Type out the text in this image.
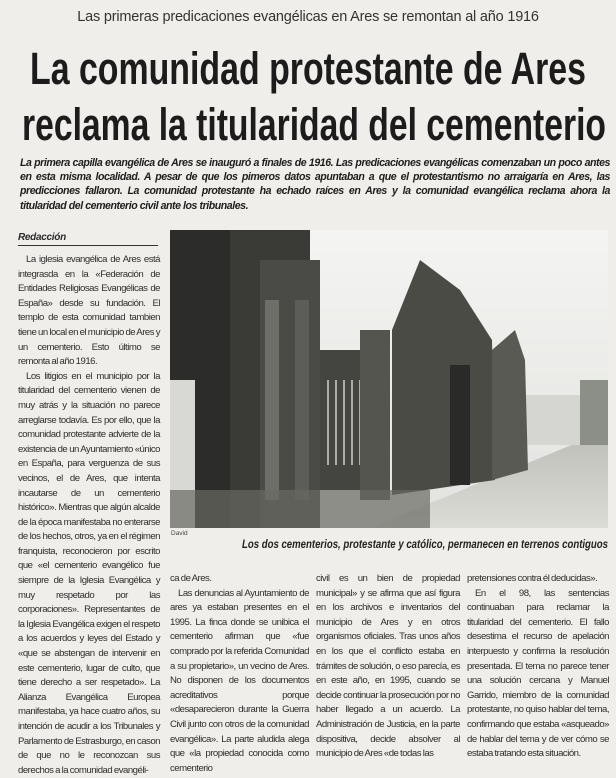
Las primeras predicaciones evangélicas en Ares se remontan al año 1916
La comunidad protestante de Ares
reclama la titularidad del cementerio
La primera capilla evangélica de Ares se inauguró a finales de 1916. Las predicaciones evangélicas comenzaban un poco antes en esta misma localidad. A pesar de que los pimeros datos apuntaban a que el protestantismo no arraigaría en Ares, las predicciones fallaron. La comunidad protestante ha echado raíces en Ares y la comunidad evangélica reclama ahora la titularidad del cementerio civil ante los tribunales.
Redacción
David
Los dos cementerios, protestante y católico, permanecen en terrenos contiguos

La iglesia evangélica de Ares está integrasda en la «Federación de Entidades Religiosas Evangélicas de España» desde su fundación. El templo de esta comunidad tambien tiene un local en el municipio de Ares y un cementerio. Esto último se remonta al año 1916.

Los litigios en el municipio por la titularidad del cementerio vienen de muy atrás y la situación no parece arreglarse todavía. Es por ello, que la comunidad protestante advierte de la existencia de un Ayuntamiento «único en España, para verguenza de sus vecinos, el de Ares, que intenta incautarse de un cementerio histórico». Mientras que algún alcalde de la época manifestaba no enterarse de los hechos, otros, ya en el régimen franquista, reconocieron por escrito que «el cementerio evangélico fue siempre de la Iglesia Evangélica y muy respetado por las corporaciones». Representantes de la Iglesia Evangélica exigen el respeto a los acuerdos y leyes del Estado y «que se abstengan de intervenir en este cementerio, lugar de culto, que tiene derecho a ser respetado». La Alianza Evangélica Europea manifestaba, ya hace cuatro años, su intención de acudir a los Tribunales y Parlamento de Estrasburgo, en cason de que no le reconozcan sus derechos a la comunidad evangéli-

ca de Ares.

Las denuncias al Ayuntamiento de ares ya estaban presentes en el 1995. La finca donde se unibica el cementerio afirman que «fue comprado por la referida Comunidad a su propietario», un vecino de Ares. No disponen de los documentos acreditativos porque «desaparecieron durante la Guerra Civil junto con otros de la comunidad evangélica». La parte aludida alega que «la propiedad conocida como cementerio

civil es un bien de propiedad municipal» y se afirma que así figura en los archivos e inventarios del municipio de Ares y en otros organismos oficiales. Tras unos años en los que el conflicto estaba en trámites de solución, o eso parecía, es en este año, en 1995, cuando se decide continuar la prosecución por no haber llegado a un acuerdo. La Administración de Justicia, en la parte dispositiva, decide absolver al municipio de Ares «de todas las

pretensiones contra él deducidas».

En el 98, las sentencias continuaban para reclamar la titularidad del cementerio. El fallo desestima el recurso de apelación interpuesto y confirma la resolución presentada. El tema no parece tener una solución cercana y Manuel Garrido, miembro de la comunidad protestante, no quiso hablar del tema, confirmando que estaba «asqueado» de hablar del tema y de ver cómo se estaba tratando esta situación.
